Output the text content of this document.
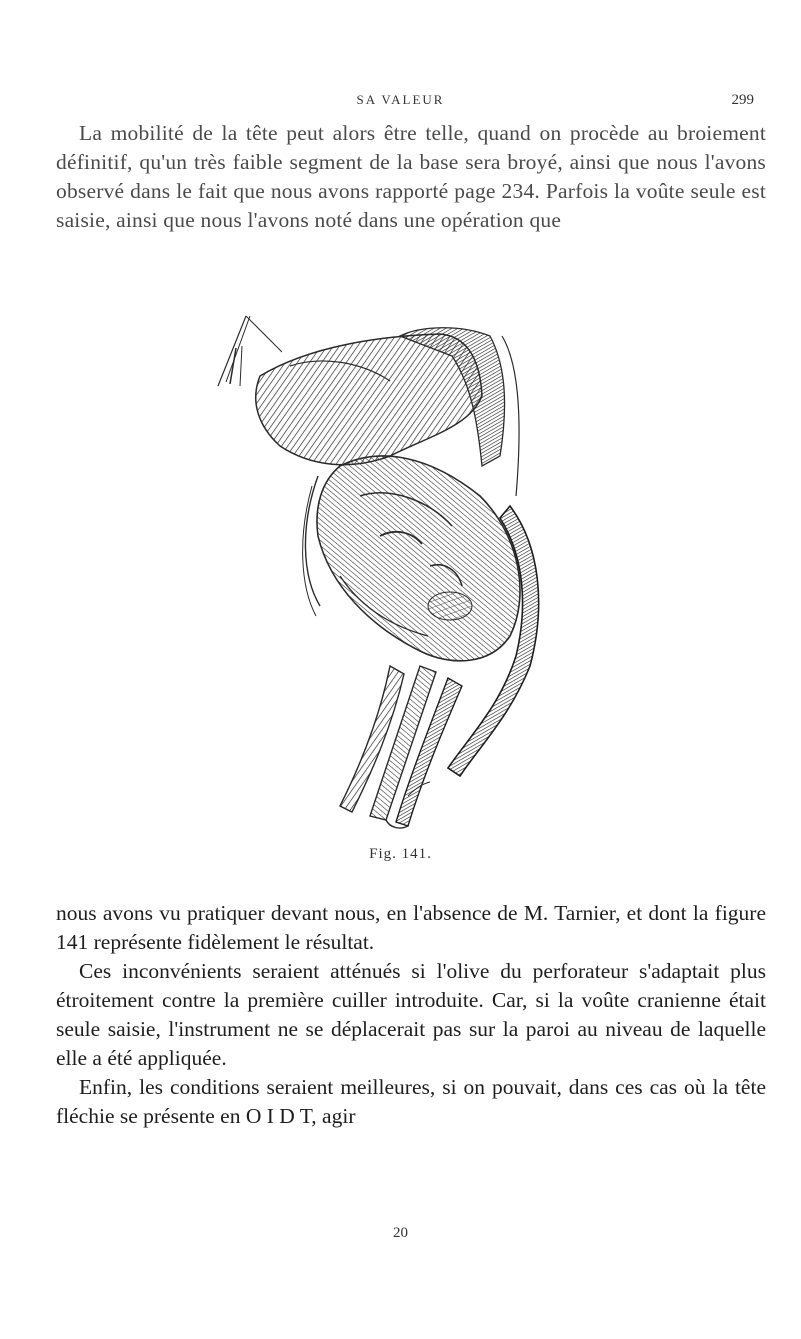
SA VALEUR	299

La mobilité de la tête peut alors être telle, quand on procède au broiement définitif, qu'un très faible segment de la base sera broyé, ainsi que nous l'avons observé dans le fait que nous avons rapporté page 234. Parfois la voûte seule est saisie, ainsi que nous l'avons noté dans une opération que

Fig. 141.

nous avons vu pratiquer devant nous, en l'absence de M. Tarnier, et dont la figure 141 représente fidèlement le résultat.

Ces inconvénients seraient atténués si l'olive du perforateur s'adaptait plus étroitement contre la première cuiller introduite. Car, si la voûte cranienne était seule saisie, l'instrument ne se déplacerait pas sur la paroi au niveau de laquelle elle a été appliquée.

Enfin, les conditions seraient meilleures, si on pouvait, dans ces cas où la tête fléchie se présente en O I D T, agir

20
